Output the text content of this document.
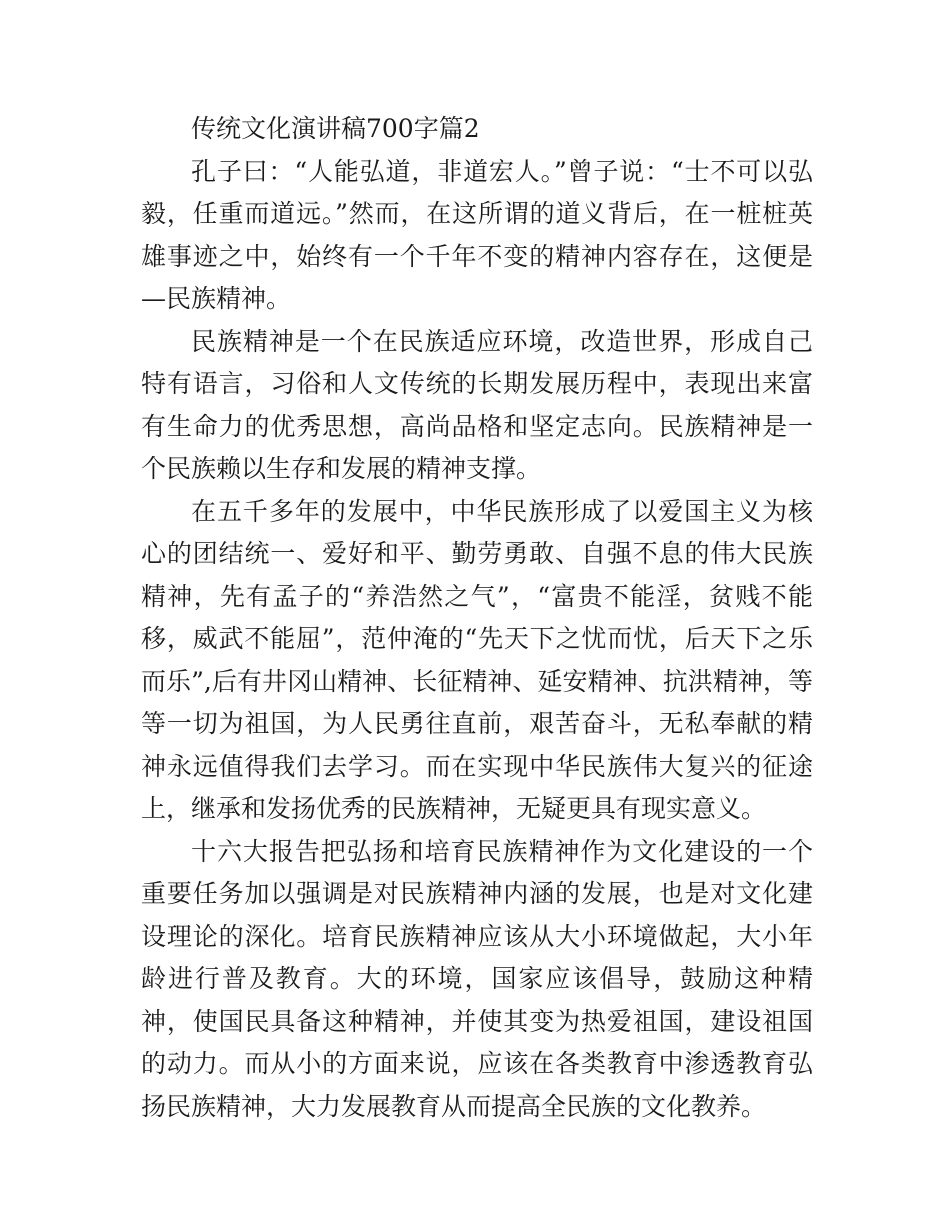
传统文化演讲稿700字篇2

孔子曰：“人能弘道，非道宏人。”曾子说：“士不可以弘毅，任重而道远。”然而，在这所谓的道义背后，在一桩桩英雄事迹之中，始终有一个千年不变的精神内容存在，这便是—民族精神。

民族精神是一个在民族适应环境，改造世界，形成自己特有语言，习俗和人文传统的长期发展历程中，表现出来富有生命力的优秀思想，高尚品格和坚定志向。民族精神是一个民族赖以生存和发展的精神支撑。

在五千多年的发展中，中华民族形成了以爱国主义为核心的团结统一、爱好和平、勤劳勇敢、自强不息的伟大民族精神，先有孟子的“养浩然之气”，“富贵不能淫，贫贱不能移，威武不能屈”，范仲淹的“先天下之忧而忧，后天下之乐而乐”,后有井冈山精神、长征精神、延安精神、抗洪精神，等等一切为祖国，为人民勇往直前，艰苦奋斗，无私奉献的精神永远值得我们去学习。而在实现中华民族伟大复兴的征途上，继承和发扬优秀的民族精神，无疑更具有现实意义。

十六大报告把弘扬和培育民族精神作为文化建设的一个重要任务加以强调是对民族精神内涵的发展，也是对文化建设理论的深化。培育民族精神应该从大小环境做起，大小年龄进行普及教育。大的环境，国家应该倡导，鼓励这种精神，使国民具备这种精神，并使其变为热爱祖国，建设祖国的动力。而从小的方面来说，应该在各类教育中渗透教育弘扬民族精神，大力发展教育从而提高全民族的文化教养。
